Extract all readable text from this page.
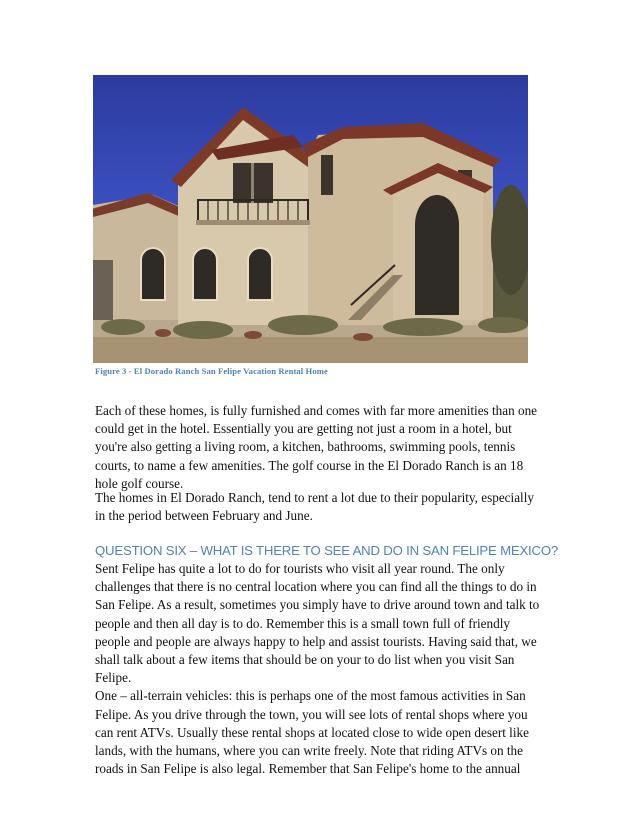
Figure 3 - El Dorado Ranch San Felipe Vacation Rental Home

Each of these homes, is fully furnished and comes with far more amenities than one
could get in the hotel. Essentially you are getting not just a room in a hotel, but
you're also getting a living room, a kitchen, bathrooms, swimming pools, tennis
courts, to name a few amenities. The golf course in the El Dorado Ranch is an 18
hole golf course.

The homes in El Dorado Ranch, tend to rent a lot due to their popularity, especially
in the period between February and June.

QUESTION SIX – WHAT IS THERE TO SEE AND DO IN SAN FELIPE MEXICO?

Sent Felipe has quite a lot to do for tourists who visit all year round. The only
challenges that there is no central location where you can find all the things to do in
San Felipe. As a result, sometimes you simply have to drive around town and talk to
people and then all day is to do. Remember this is a small town full of friendly
people and people are always happy to help and assist tourists. Having said that, we
shall talk about a few items that should be on your to do list when you visit San
Felipe.
One – all-terrain vehicles: this is perhaps one of the most famous activities in San
Felipe. As you drive through the town, you will see lots of rental shops where you
can rent ATVs. Usually these rental shops at located close to wide open desert like
lands, with the humans, where you can write freely. Note that riding ATVs on the
roads in San Felipe is also legal. Remember that San Felipe's home to the annual
